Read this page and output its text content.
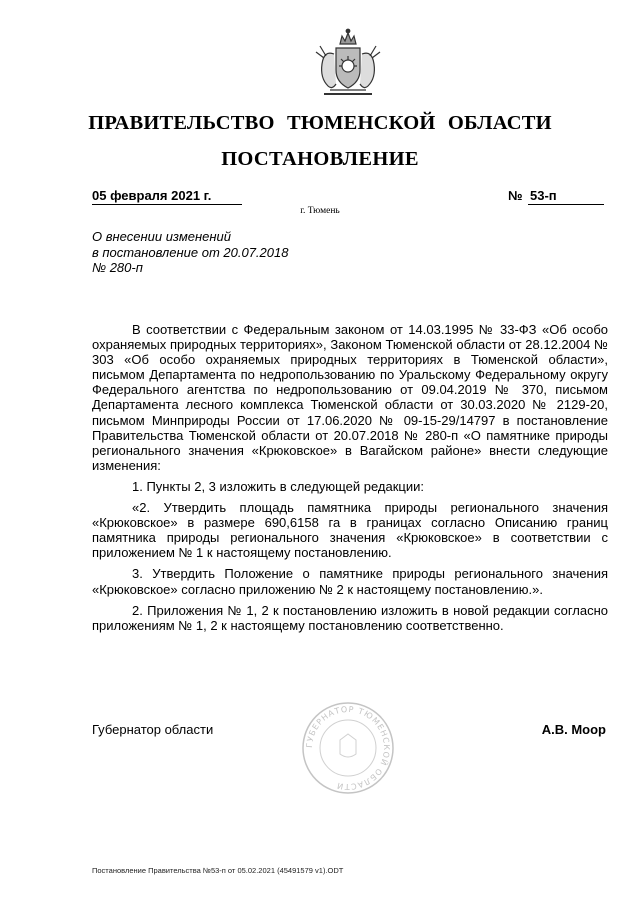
ПРАВИТЕЛЬСТВО ТЮМЕНСКОЙ ОБЛАСТИ
ПОСТАНОВЛЕНИЕ
05 февраля 2021 г.	№ 53-п
г. Тюмень
О внесении изменений
в постановление от 20.07.2018
№ 280-п

В соответствии с Федеральным законом от 14.03.1995 № 33-ФЗ «Об особо охраняемых природных территориях», Законом Тюменской области от 28.12.2004 № 303 «Об особо охраняемых природных территориях в Тюменской области», письмом Департамента по недропользованию по Уральскому Федеральному округу Федерального агентства по недропользованию от 09.04.2019 № 370, письмом Департамента лесного комплекса Тюменской области от 30.03.2020 № 2129-20, письмом Минприроды России от 17.06.2020 № 09-15-29/14797 в постановление Правительства Тюменской области от 20.07.2018 № 280-п «О памятнике природы регионального значения «Крюковское» в Вагайском районе» внести следующие изменения:

1. Пункты 2, 3 изложить в следующей редакции:

«2. Утвердить площадь памятника природы регионального значения «Крюковское» в размере 690,6158 га в границах согласно Описанию границ памятника природы регионального значения «Крюковское» в соответствии с приложением № 1 к настоящему постановлению.

3. Утвердить Положение о памятнике природы регионального значения «Крюковское» согласно приложению № 2 к настоящему постановлению.».

2. Приложения № 1, 2 к постановлению изложить в новой редакции согласно приложениям № 1, 2 к настоящему постановлению соответственно.

Губернатор области
ГУБЕРНАТОР ТЮМЕНСКОЙ ОБЛАСТИ
А.В. Моор
Постановление Правительства №53-п от 05.02.2021 (45491579 v1).ODT
